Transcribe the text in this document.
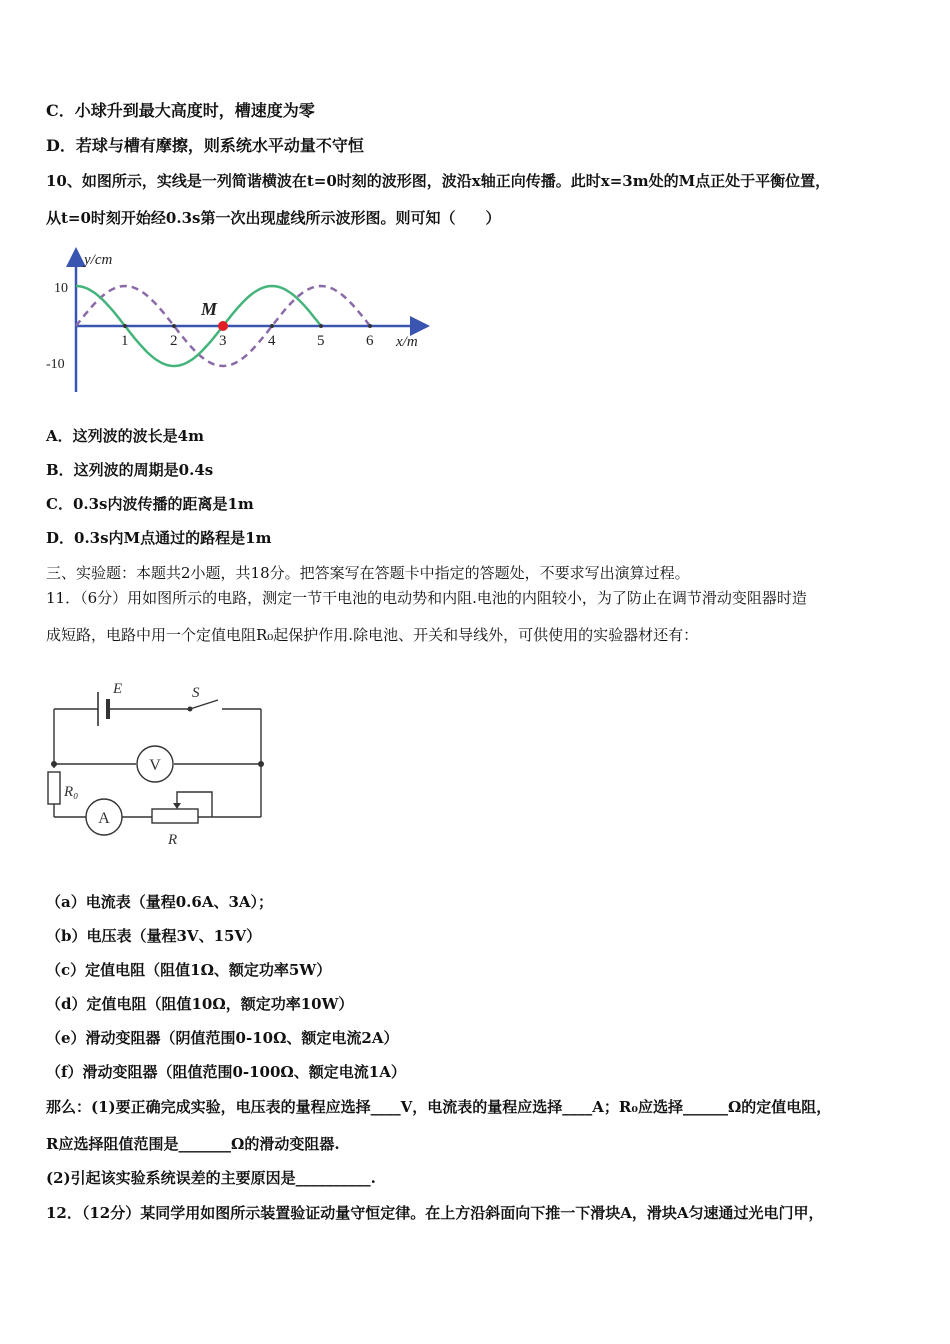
C．小球升到最大高度时，槽速度为零
D．若球与槽有摩擦，则系统水平动量不守恒
10、如图所示，实线是一列简谐横波在t=0时刻的波形图，波沿x轴正向传播。此时x=3m处的M点正处于平衡位置，
从t=0时刻开始经0.3s第一次出现虚线所示波形图。则可知（　　）
y/cm
x/m
10
-10
1	2	3	4	5	6
M
A．这列波的波长是4m
B．这列波的周期是0.4s
C．0.3s内波传播的距离是1m
D．0.3s内M点通过的路程是1m
三、实验题：本题共2小题，共18分。把答案写在答题卡中指定的答题处，不要求写出演算过程。
11．（6分）用如图所示的电路，测定一节干电池的电动势和内阻.电池的内阻较小，为了防止在调节滑动变阻器时造
成短路，电路中用一个定值电阻R₀起保护作用.除电池、开关和导线外，可供使用的实验器材还有：
E	S
V
R₀
A
R
（a）电流表（量程0.6A、3A）；
（b）电压表（量程3V、15V）
（c）定值电阻（阻值1Ω、额定功率5W）
（d）定值电阻（阻值10Ω，额定功率10W）
（e）滑动变阻器（阴值范围0-10Ω、额定电流2A）
（f）滑动变阻器（阻值范围0-100Ω、额定电流1A）
那么：(1)要正确完成实验，电压表的量程应选择____V，电流表的量程应选择____A；R₀应选择______Ω的定值电阻，
R应选择阻值范围是_______Ω的滑动变阻器.
(2)引起该实验系统误差的主要原因是__________.
12．（12分）某同学用如图所示装置验证动量守恒定律。在上方沿斜面向下推一下滑块A，滑块A匀速通过光电门甲，
